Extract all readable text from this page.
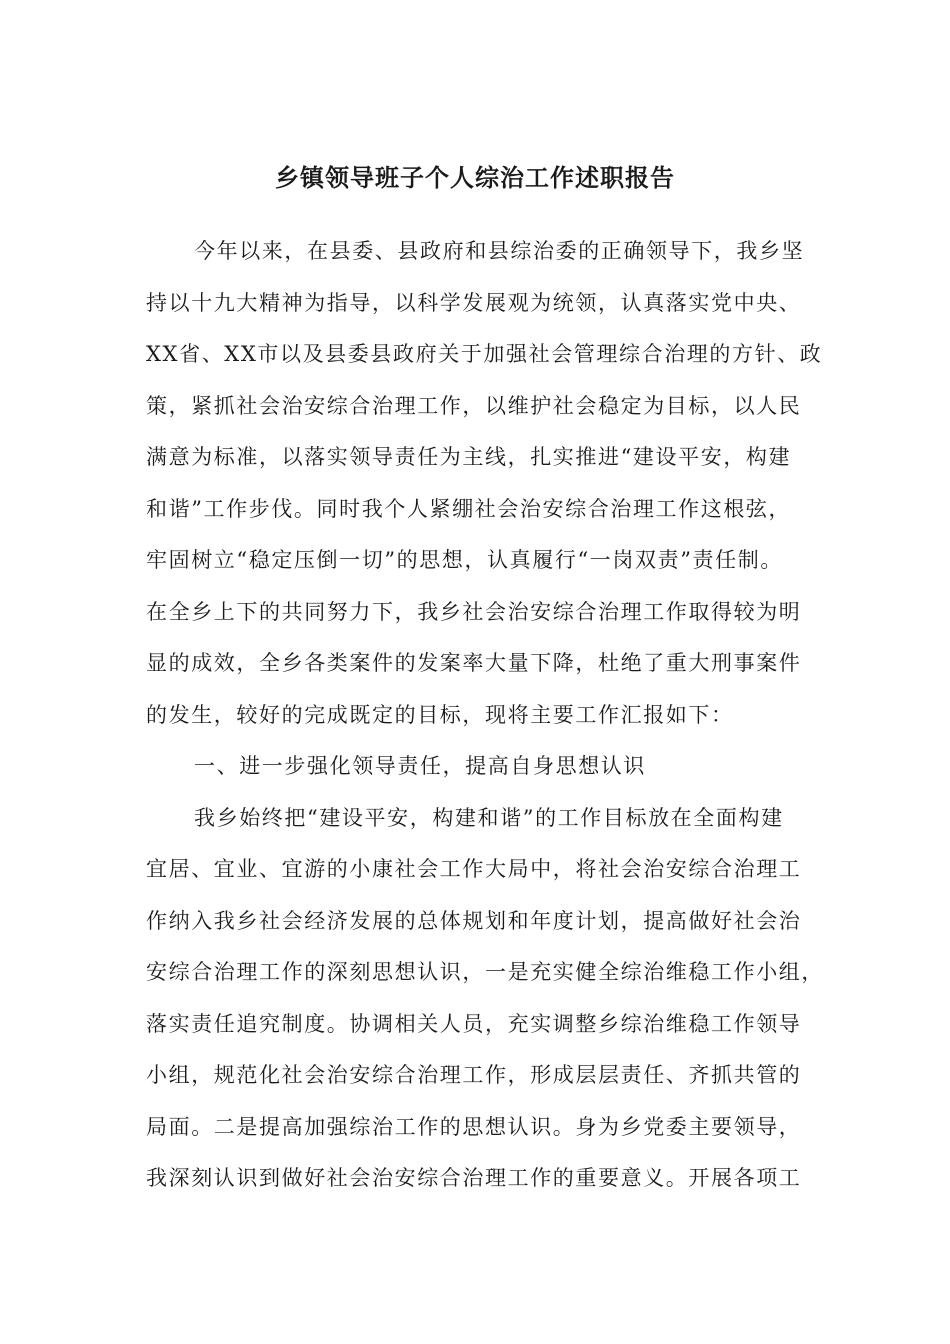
乡镇领导班子个人综治工作述职报告
今年以来，在县委、县政府和县综治委的正确领导下，我乡坚
持以十九大精神为指导，以科学发展观为统领，认真落实党中央、
XX省、XX市以及县委县政府关于加强社会管理综合治理的方针、政
策，紧抓社会治安综合治理工作，以维护社会稳定为目标，以人民
满意为标准，以落实领导责任为主线，扎实推进“建设平安，构建
和谐”工作步伐。同时我个人紧绷社会治安综合治理工作这根弦，
牢固树立“稳定压倒一切”的思想，认真履行“一岗双责”责任制。
在全乡上下的共同努力下，我乡社会治安综合治理工作取得较为明
显的成效，全乡各类案件的发案率大量下降，杜绝了重大刑事案件
的发生，较好的完成既定的目标，现将主要工作汇报如下：
一、进一步强化领导责任，提高自身思想认识
我乡始终把“建设平安，构建和谐”的工作目标放在全面构建
宜居、宜业、宜游的小康社会工作大局中，将社会治安综合治理工
作纳入我乡社会经济发展的总体规划和年度计划，提高做好社会治
安综合治理工作的深刻思想认识，一是充实健全综治维稳工作小组，
落实责任追究制度。协调相关人员，充实调整乡综治维稳工作领导
小组，规范化社会治安综合治理工作，形成层层责任、齐抓共管的
局面。二是提高加强综治工作的思想认识。身为乡党委主要领导，
我深刻认识到做好社会治安综合治理工作的重要意义。开展各项工
